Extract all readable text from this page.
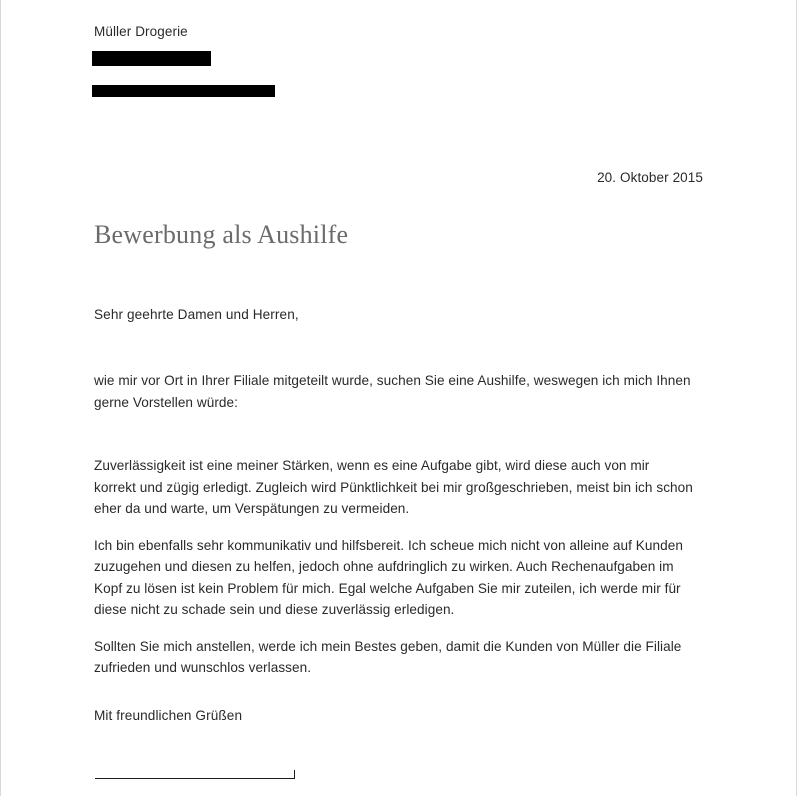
Müller Drogerie
20. Oktober 2015
Bewerbung als Aushilfe
Sehr geehrte Damen und Herren,
wie mir vor Ort in Ihrer Filiale mitgeteilt wurde, suchen Sie eine Aushilfe, weswegen ich mich Ihnen gerne Vorstellen würde:

Zuverlässigkeit ist eine meiner Stärken, wenn es eine Aufgabe gibt, wird diese auch von mir korrekt und zügig erledigt. Zugleich wird Pünktlichkeit bei mir großgeschrieben, meist bin ich schon eher da und warte, um Verspätungen zu vermeiden.

Ich bin ebenfalls sehr kommunikativ und hilfsbereit. Ich scheue mich nicht von alleine auf Kunden zuzugehen und diesen zu helfen, jedoch ohne aufdringlich zu wirken. Auch Rechenaufgaben im Kopf zu lösen ist kein Problem für mich. Egal welche Aufgaben Sie mir zuteilen, ich werde mir für diese nicht zu schade sein und diese zuverlässig erledigen.

Sollten Sie mich anstellen, werde ich mein Bestes geben, damit die Kunden von Müller die Filiale zufrieden und wunschlos verlassen.

Mit freundlichen Grüßen
